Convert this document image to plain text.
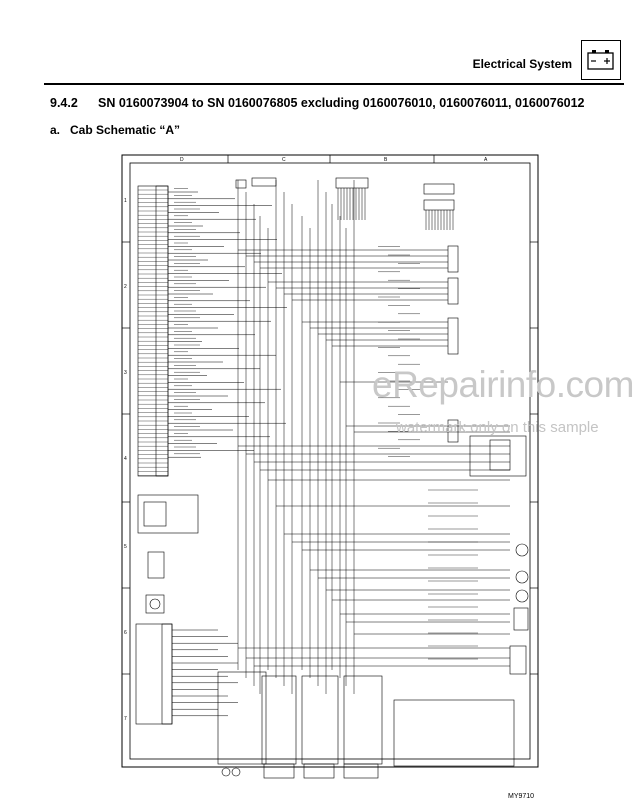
Electrical System
9.4.2 SN 0160073904 to SN 0160076805 excluding 0160076010, 0160076011, 0160076012
a. Cab Schematic “A”
D	C	B	A
1
2
3
4
5
6
7
eRepairinfo.com
watermark only on this sample
MY9710
